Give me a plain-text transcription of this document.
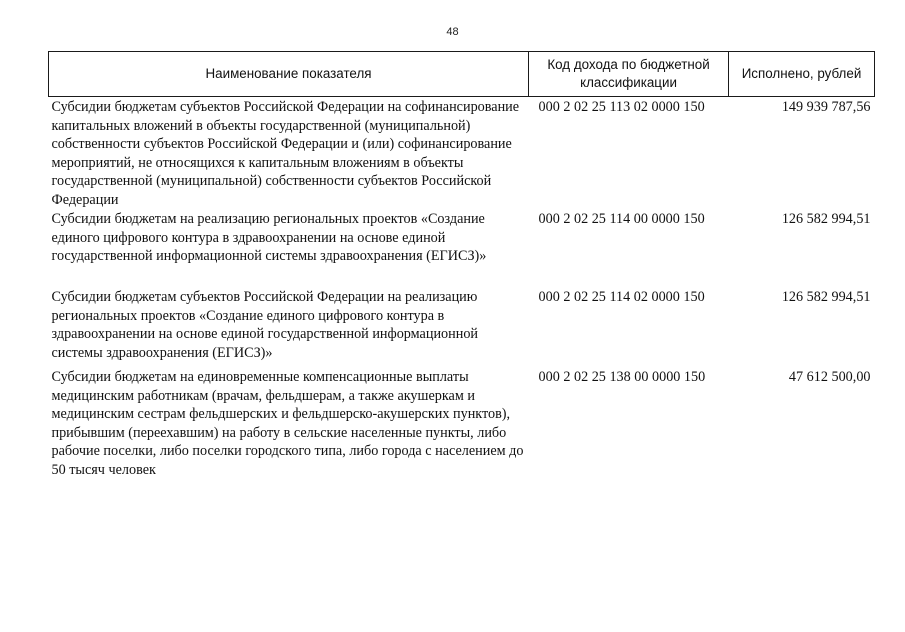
48
Наименование показателя	Код дохода по бюджетной классификации	Исполнено, рублей
Субсидии бюджетам субъектов Российской Федерации на софинансирование капитальных вложений в объекты государственной (муниципальной) собственности субъектов Российской Федерации и (или) софинансирование мероприятий, не относящихся к капитальным вложениям в объекты государственной (муниципальной) собственности субъектов Российской Федерации	000 2 02 25 113 02 0000 150	149 939 787,56
Субсидии бюджетам на реализацию региональных проектов «Создание единого цифрового контура в здравоохранении на основе единой государственной информационной системы здравоохранения (ЕГИСЗ)»	000 2 02 25 114 00 0000 150	126 582 994,51
Субсидии бюджетам субъектов Российской Федерации на реализацию региональных проектов «Создание единого цифрового контура в здравоохранении на основе единой государственной информационной системы здравоохранения (ЕГИСЗ)»	000 2 02 25 114 02 0000 150	126 582 994,51
Субсидии бюджетам на единовременные компенсационные выплаты медицинским работникам (врачам, фельдшерам, а также акушеркам и медицинским сестрам фельдшерских и фельдшерско-акушерских пунктов), прибывшим (переехавшим) на работу в сельские населенные пункты, либо рабочие поселки, либо поселки городского типа, либо города с населением до 50 тысяч человек	000 2 02 25 138 00 0000 150	47 612 500,00
